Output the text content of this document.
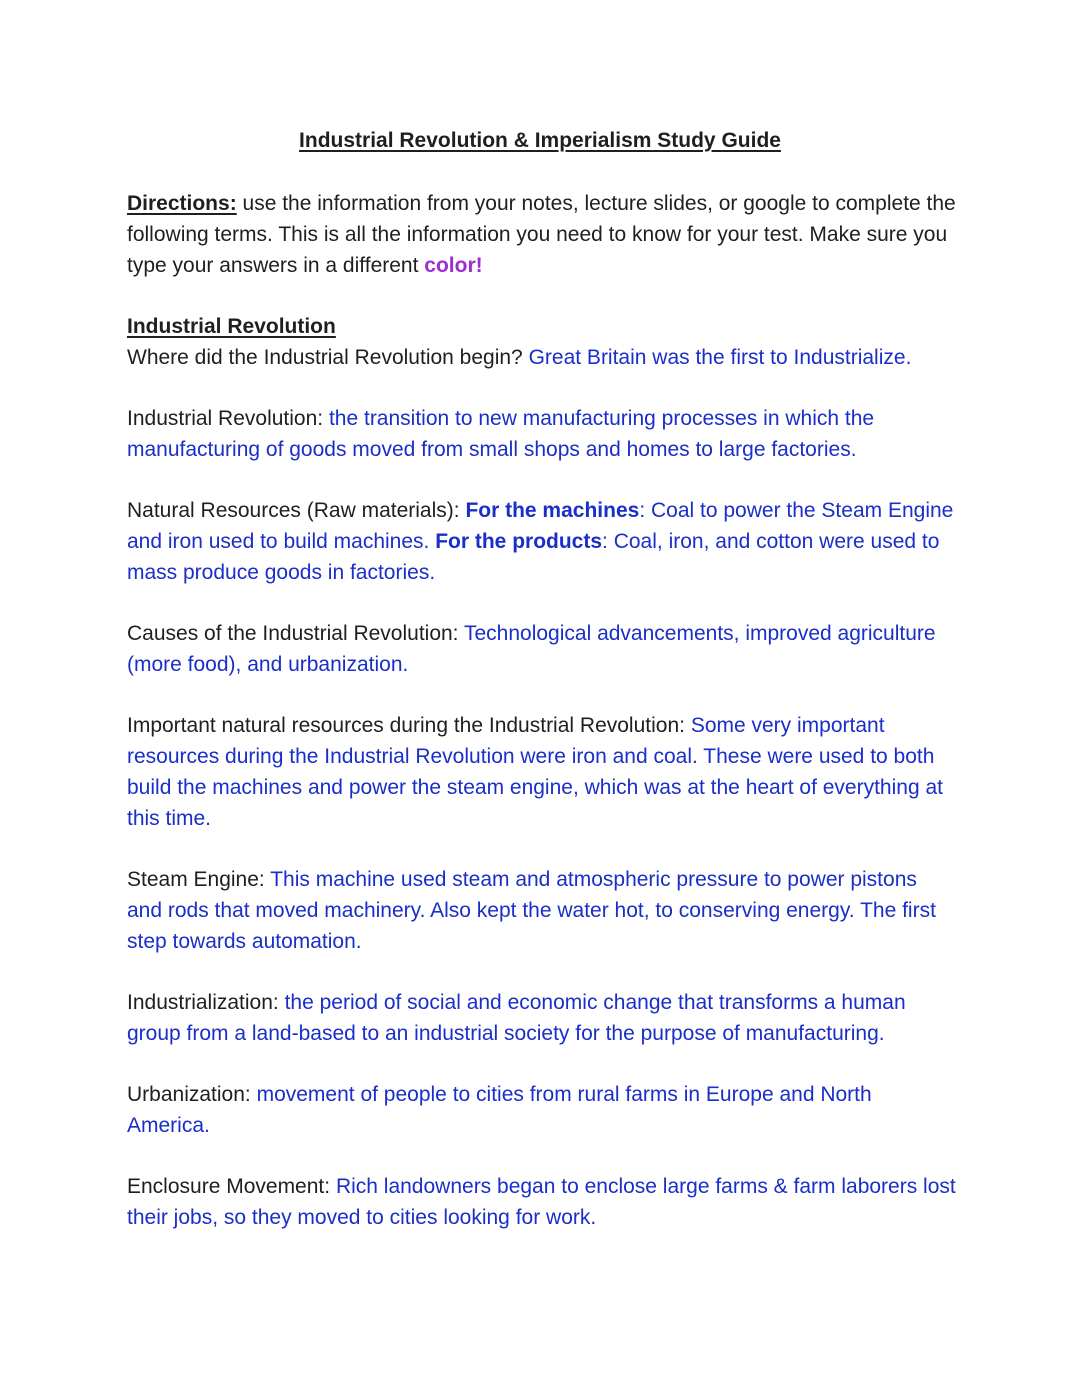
Industrial Revolution & Imperialism Study Guide
Directions: use the information from your notes, lecture slides, or google to complete the following terms. This is all the information you need to know for your test. Make sure you type your answers in a different color!
Industrial Revolution
Where did the Industrial Revolution begin? Great Britain was the first to Industrialize.
Industrial Revolution: the transition to new manufacturing processes in which the manufacturing of goods moved from small shops and homes to large factories.
Natural Resources (Raw materials): For the machines: Coal to power the Steam Engine and iron used to build machines. For the products: Coal, iron, and cotton were used to mass produce goods in factories.
Causes of the Industrial Revolution: Technological advancements, improved agriculture (more food), and urbanization.
Important natural resources during the Industrial Revolution: Some very important resources during the Industrial Revolution were iron and coal. These were used to both build the machines and power the steam engine, which was at the heart of everything at this time.
Steam Engine: This machine used steam and atmospheric pressure to power pistons and rods that moved machinery. Also kept the water hot, to conserving energy. The first step towards automation.
Industrialization: the period of social and economic change that transforms a human group from a land-based to an industrial society for the purpose of manufacturing.
Urbanization: movement of people to cities from rural farms in Europe and North America.
Enclosure Movement: Rich landowners began to enclose large farms & farm laborers lost their jobs, so they moved to cities looking for work.
